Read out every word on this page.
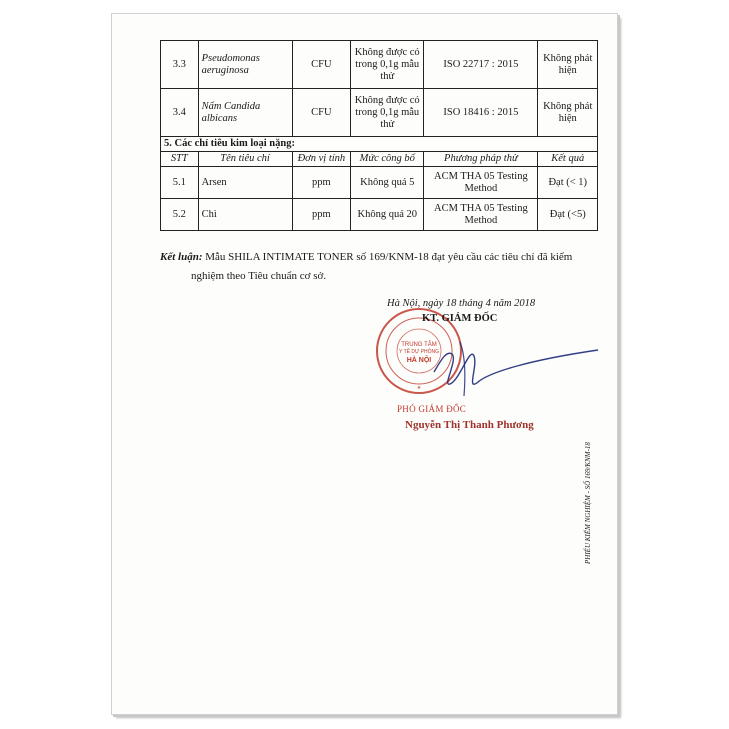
3.3	Pseudomonas aeruginosa	CFU	Không được có trong 0,1g mẫu thử	ISO 22717 : 2015	Không phát hiện
3.4	Nấm Candida albicans	CFU	Không được có trong 0,1g mẫu thử	ISO 18416 : 2015	Không phát hiện
5. Các chỉ tiêu kim loại nặng:					
STT	Tên tiêu chí	Đơn vị tính	Mức công bố	Phương pháp thử	Kết quả
5.1	Arsen	ppm	Không quá 5	ACM THA 05 Testing Method	Đạt (< 1)
5.2	Chì	ppm	Không quá 20	ACM THA 05 Testing Method	Đạt (<5)
Kết luận: Mẫu SHILA INTIMATE TONER số 169/KNM-18 đạt yêu cầu các tiêu chí đã kiểm
nghiệm theo Tiêu chuẩn cơ sở.
TRUNG TÂM
Y TẾ DỰ PHÒNG
HÀ NỘI
★
Hà Nội, ngày 18 tháng 4 năm 2018
KT. GIÁM ĐỐC
PHÓ GIÁM ĐỐC
Nguyễn Thị Thanh Phương
PHIẾU KIỂM NGHIỆM - SỐ 169/KNM-18
